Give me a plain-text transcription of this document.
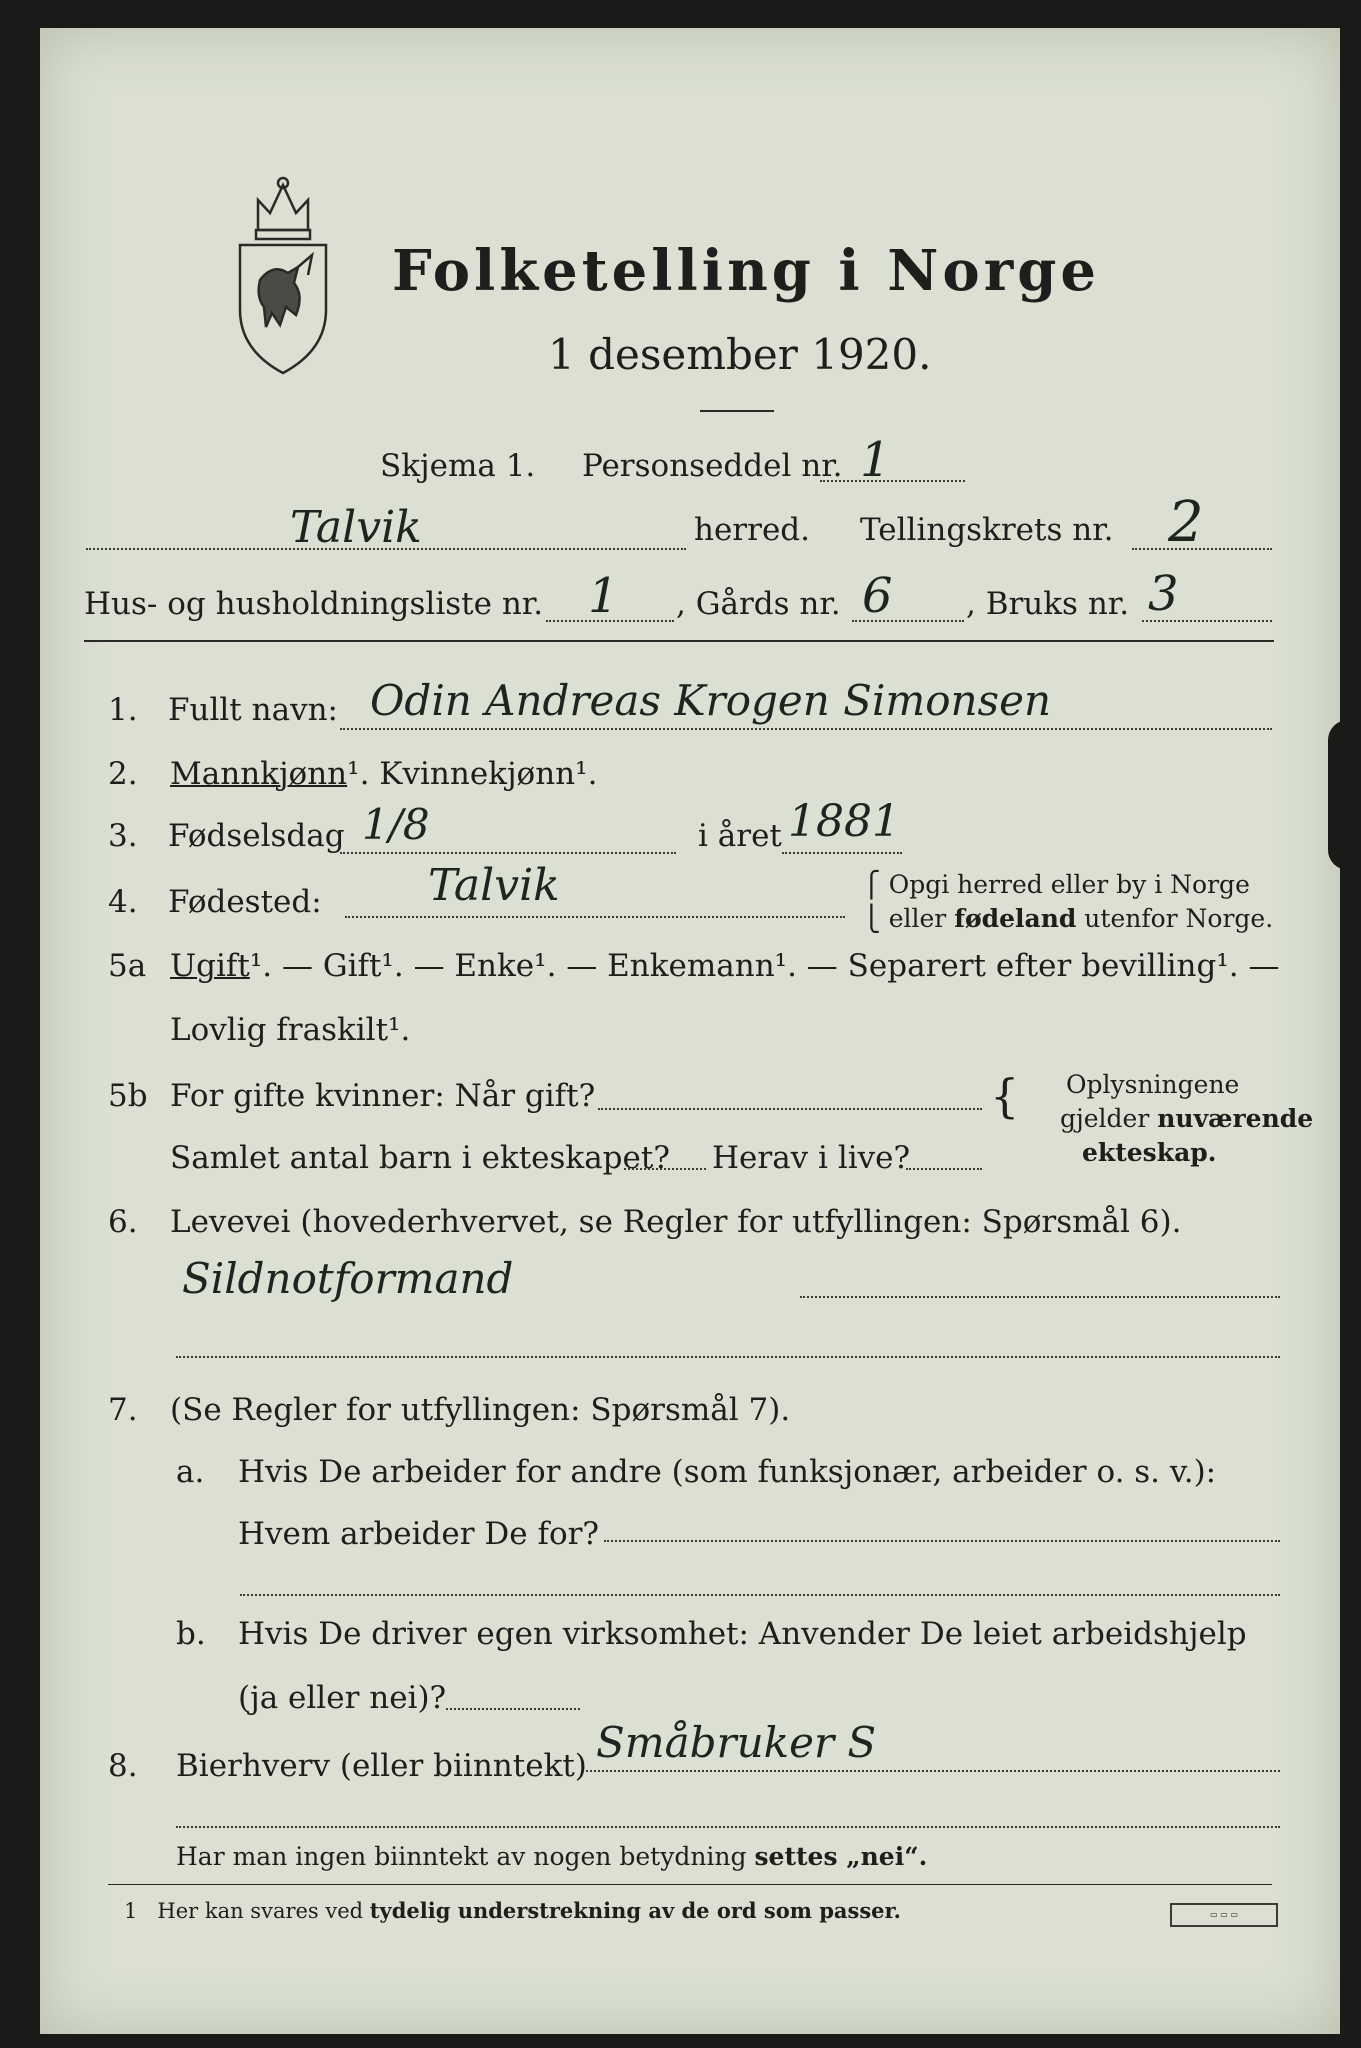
Folketelling i Norge
1 desember 1920.
Skjema 1. Personseddel nr. 1
Talvik	herred. Tellingskrets nr. 2
Hus- og husholdningsliste nr. 1 , Gårds nr. 6 , Bruks nr. 3
1. Fullt navn: Odin Andreas Krogen Simonsen
2. Mannkjønn¹. Kvinnekjønn¹.
3. Fødselsdag 1/8	i året 1881
4. Fødested: Talvik	⎧ Opgi herred eller by i Norge
⎩ eller fødeland utenfor Norge.
5a Ugift¹. — Gift¹. — Enke¹. — Enkemann¹. — Separert efter bevilling¹. —
Lovlig fraskilt¹.
5b For gifte kvinner: Når gift?
Samlet antal barn i ekteskapet? Herav i live?
{ Oplysningene
gjelder nuværende
ekteskap.
6. Levevei (hovederhvervet, se Regler for utfyllingen: Spørsmål 6).
Sildnotformand
7. (Se Regler for utfyllingen: Spørsmål 7).
a. Hvis De arbeider for andre (som funksjonær, arbeider o. s. v.):
Hvem arbeider De for?
b. Hvis De driver egen virksomhet: Anvender De leiet arbeidshjelp
(ja eller nei)?
8. Bierhverv (eller biinntekt) Småbruker S
Har man ingen biinntekt av nogen betydning settes „nei“.
1 Her kan svares ved tydelig understrekning av de ord som passer.	▭ ▭ ▭
